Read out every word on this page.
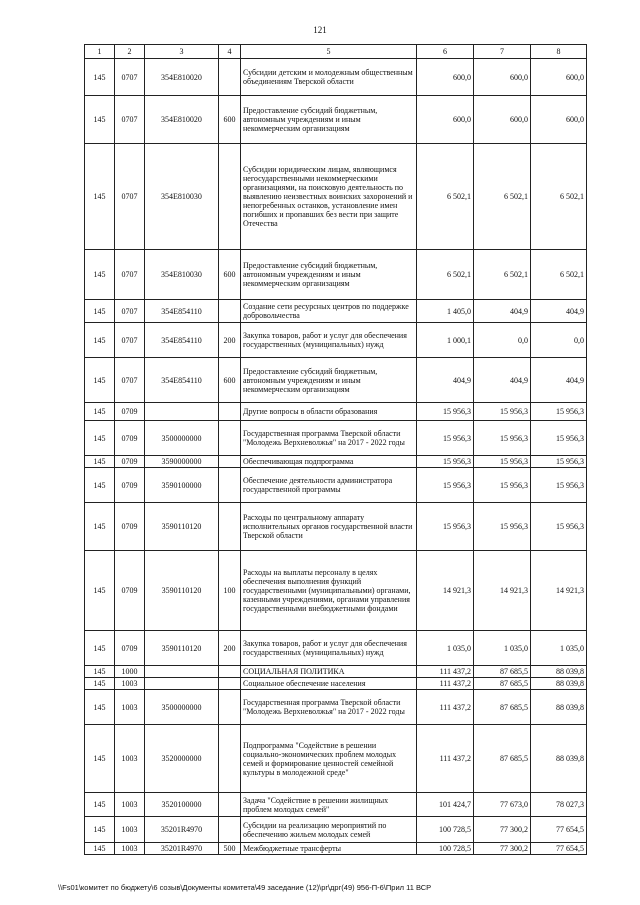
121
1	2	3	4	5	6	7	8
145	0707	354Е810020		Субсидии детским и молодежным общественным объединениям Тверской области	600,0	600,0	600,0
145	0707	354Е810020	600	Предоставление субсидий бюджетным, автономным учреждениям и иным некоммерческим организациям	600,0	600,0	600,0
145	0707	354Е810030		Субсидии юридическим лицам, являющимся негосударственными некоммерческими организациями, на поисковую деятельность по выявлению неизвестных воинских захоронений и непогребенных останков, установление имен погибших и пропавших без вести при защите Отечества	6 502,1	6 502,1	6 502,1
145	0707	354Е810030	600	Предоставление субсидий бюджетным, автономным учреждениям и иным некоммерческим организациям	6 502,1	6 502,1	6 502,1
145	0707	354Е854110		Создание сети ресурсных центров по поддержке добровольчества	1 405,0	404,9	404,9
145	0707	354Е854110	200	Закупка товаров, работ и услуг для обеспечения государственных (муниципальных) нужд	1 000,1	0,0	0,0
145	0707	354Е854110	600	Предоставление субсидий бюджетным, автономным учреждениям и иным некоммерческим организациям	404,9	404,9	404,9
145	0709			Другие вопросы в области образования	15 956,3	15 956,3	15 956,3
145	0709	3500000000		Государственная программа Тверской области "Молодежь Верхневолжья" на 2017 - 2022 годы	15 956,3	15 956,3	15 956,3
145	0709	3590000000		Обеспечивающая подпрограмма	15 956,3	15 956,3	15 956,3
145	0709	3590100000		Обеспечение деятельности администратора государственной программы	15 956,3	15 956,3	15 956,3
145	0709	3590110120		Расходы по центральному аппарату исполнительных органов государственной власти Тверской области	15 956,3	15 956,3	15 956,3
145	0709	3590110120	100	Расходы на выплаты персоналу в целях обеспечения выполнения функций государственными (муниципальными) органами, казенными учреждениями, органами управления государственными внебюджетными фондами	14 921,3	14 921,3	14 921,3
145	0709	3590110120	200	Закупка товаров, работ и услуг для обеспечения государственных (муниципальных) нужд	1 035,0	1 035,0	1 035,0
145	1000			СОЦИАЛЬНАЯ ПОЛИТИКА	111 437,2	87 685,5	88 039,8
145	1003			Социальное обеспечение населения	111 437,2	87 685,5	88 039,8
145	1003	3500000000		Государственная программа Тверской области "Молодежь Верхневолжья" на 2017 - 2022 годы	111 437,2	87 685,5	88 039,8
145	1003	3520000000		Подпрограмма "Содействие в решении социально-экономических проблем молодых семей и формирование ценностей семейной культуры в молодежной среде"	111 437,2	87 685,5	88 039,8
145	1003	3520100000		Задача "Содействие в решении жилищных проблем молодых семей"	101 424,7	77 673,0	78 027,3
145	1003	35201R4970		Субсидии на реализацию мероприятий по обеспечению жильем молодых семей	100 728,5	77 300,2	77 654,5
145	1003	35201R4970	500	Межбюджетные трансферты	100 728,5	77 300,2	77 654,5
\\Fs01\комитет по бюджету\6 созыв\Документы комитета\49 заседание (12)\pr\дрг(49) 956-П-6\Прил 11 ВСР
